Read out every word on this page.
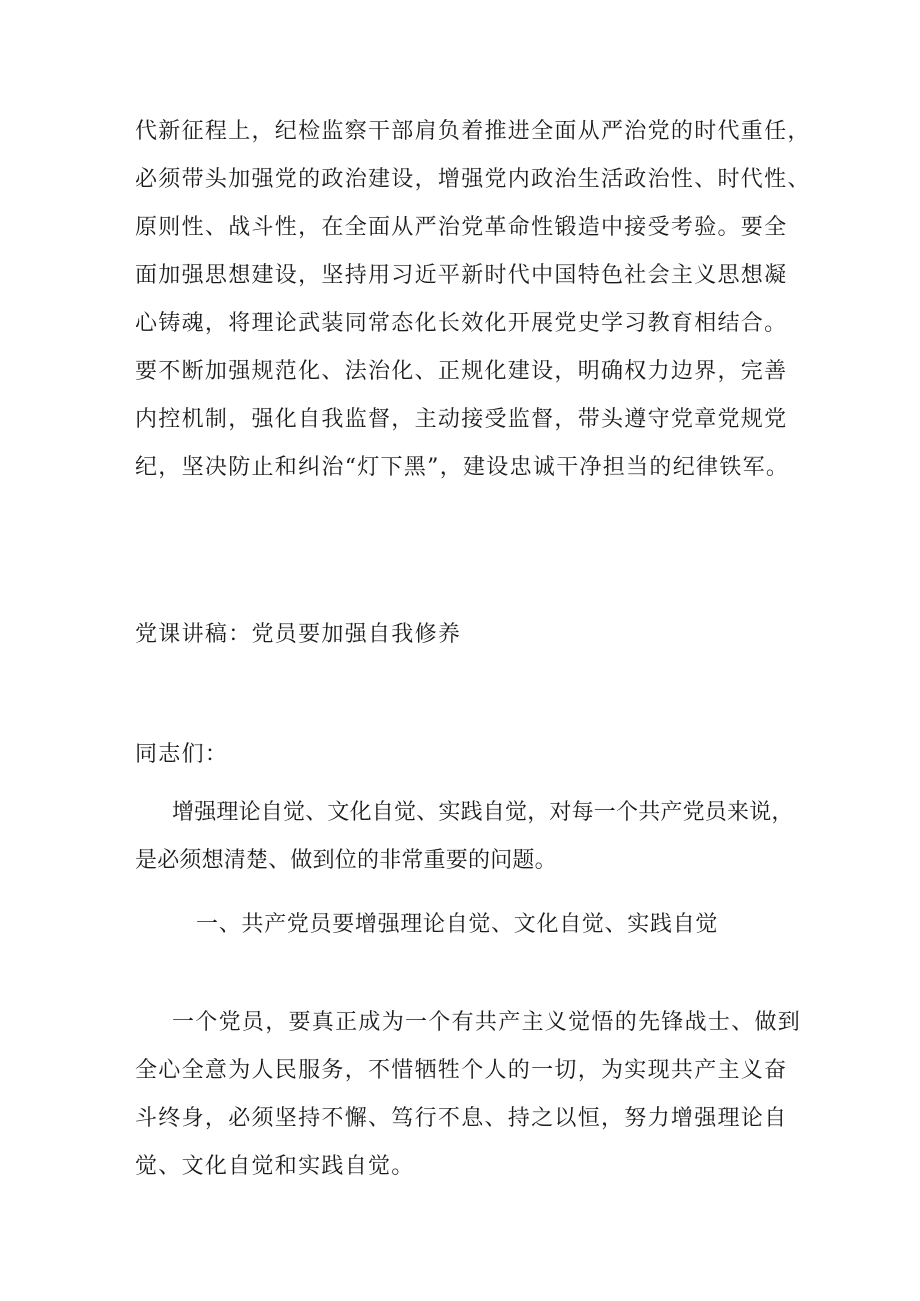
代新征程上，纪检监察干部肩负着推进全面从严治党的时代重任，
必须带头加强党的政治建设，增强党内政治生活政治性、时代性、
原则性、战斗性，在全面从严治党革命性锻造中接受考验。要全
面加强思想建设，坚持用习近平新时代中国特色社会主义思想凝
心铸魂，将理论武装同常态化长效化开展党史学习教育相结合。
要不断加强规范化、法治化、正规化建设，明确权力边界，完善
内控机制，强化自我监督，主动接受监督，带头遵守党章党规党
纪，坚决防止和纠治“灯下黑”，建设忠诚干净担当的纪律铁军。
党课讲稿：党员要加强自我修养
同志们：
增强理论自觉、文化自觉、实践自觉，对每一个共产党员来说，
是必须想清楚、做到位的非常重要的问题。
一、共产党员要增强理论自觉、文化自觉、实践自觉
一个党员，要真正成为一个有共产主义觉悟的先锋战士、做到
全心全意为人民服务，不惜牺牲个人的一切，为实现共产主义奋
斗终身，必须坚持不懈、笃行不息、持之以恒，努力增强理论自
觉、文化自觉和实践自觉。
